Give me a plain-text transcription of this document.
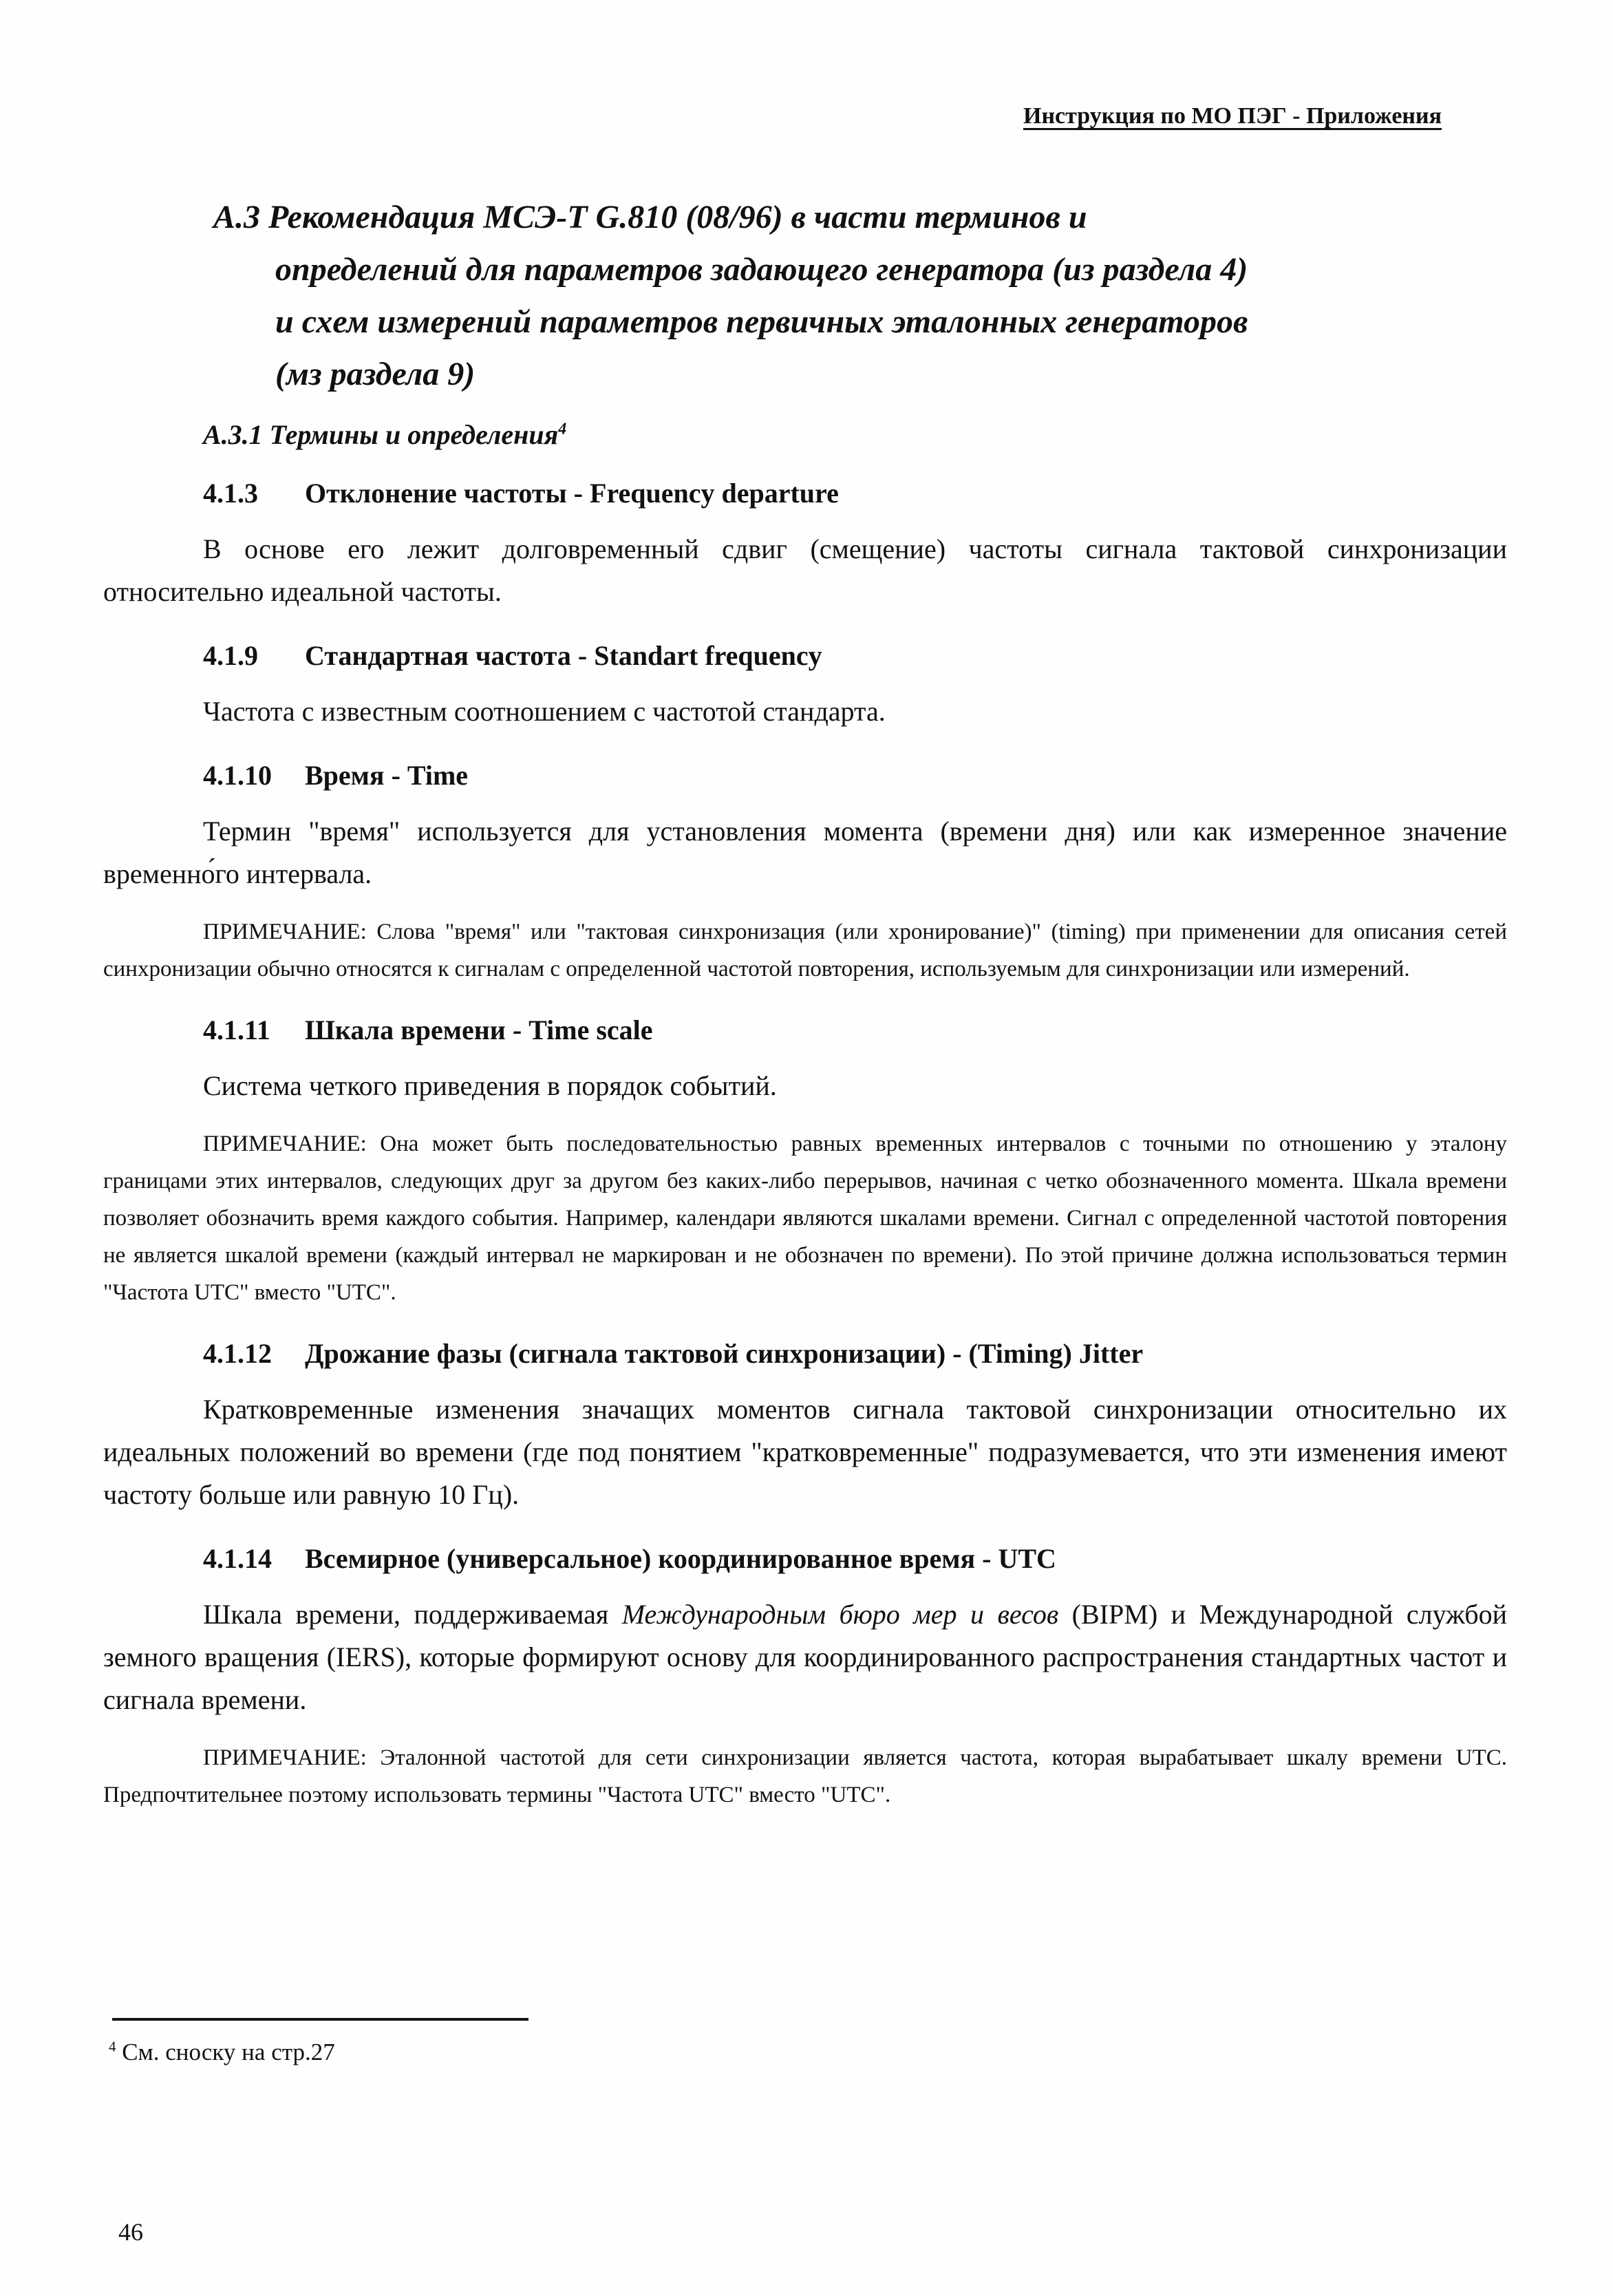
Инструкция по МО ПЭГ - Приложения
А.3 Рекомендация МСЭ-Т G.810 (08/96) в части терминов и
определений для параметров задающего генератора (из раздела 4)
и схем измерений параметров первичных эталонных генераторов
(мз раздела 9)
А.3.1 Термины и определения$^4$
4.1.3 Отклонение частоты - Frequency departure

В основе его лежит долговременный сдвиг (смещение) частоты сигнала тактовой синхронизации относительно идеальной частоты.

4.1.9 Стандартная частота - Standart frequency

Частота с известным соотношением с частотой стандарта.

4.1.10 Время - Time

Термин "время" используется для установления момента (времени дня) или как измеренное значение временно́го интервала.

ПРИМЕЧАНИЕ: Слова "время" или "тактовая синхронизация (или хронирование)" (timing) при применении для описания сетей синхронизации обычно относятся к сигналам с определенной частотой повторения, используемым для синхронизации или измерений.

4.1.11 Шкала времени - Time scale

Система четкого приведения в порядок событий.

ПРИМЕЧАНИЕ: Она может быть последовательностью равных временных интервалов с точными по отношению у эталону границами этих интервалов, следующих друг за другом без каких-либо перерывов, начиная с четко обозначенного момента. Шкала времени позволяет обозначить время каждого события. Например, календари являются шкалами времени. Сигнал с определенной частотой повторения не является шкалой времени (каждый интервал не маркирован и не обозначен по времени). По этой причине должна использоваться термин "Частота UTC" вместо "UTC".

4.1.12 Дрожание фазы (сигнала тактовой синхронизации) - (Timing) Jitter

Кратковременные изменения значащих моментов сигнала тактовой синхронизации относительно их идеальных положений во времени (где под понятием "кратковременные" подразумевается, что эти изменения имеют частоту больше или равную 10 Гц).

4.1.14 Всемирное (универсальное) координированное время - UTC

Шкала времени, поддерживаемая Международным бюро мер и весов (BIPM) и Международной службой земного вращения (IERS), которые формируют основу для координированного распространения стандартных частот и сигнала времени.

ПРИМЕЧАНИЕ: Эталонной частотой для сети синхронизации является частота, которая вырабатывает шкалу времени UTC. Предпочтительнее поэтому использовать термины "Частота UTC" вместо "UTC".

$^4$ См. сноску на стр.27
46
